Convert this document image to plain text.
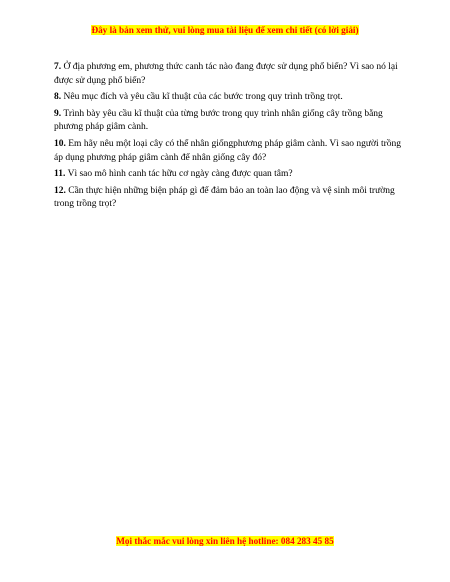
Đây là bản xem thử, vui lòng mua tài liệu để xem chi tiết (có lời giải)
7. Ở địa phương em, phương thức canh tác nào đang được sử dụng phổ biến? Vì sao nó lại được sử dụng phổ biến?
8. Nêu mục đích và yêu cầu kĩ thuật của các bước trong quy trình trồng trọt.
9. Trình bày yêu cầu kĩ thuật của từng bước trong quy trình nhân giống cây trồng bằng phương pháp giâm cành.
10. Em hãy nêu một loại cây có thể nhân giốngphương pháp giâm cành. Vì sao người trồng áp dụng phương pháp giâm cành để nhân giống cây đó?
11. Vì sao mô hình canh tác hữu cơ ngày càng được quan tâm?
12. Cần thực hiện những biện pháp gì để đảm bảo an toàn lao động và vệ sinh môi trường trong trồng trọt?
Mọi thắc mắc vui lòng xin liên hệ hotline: 084 283 45 85
